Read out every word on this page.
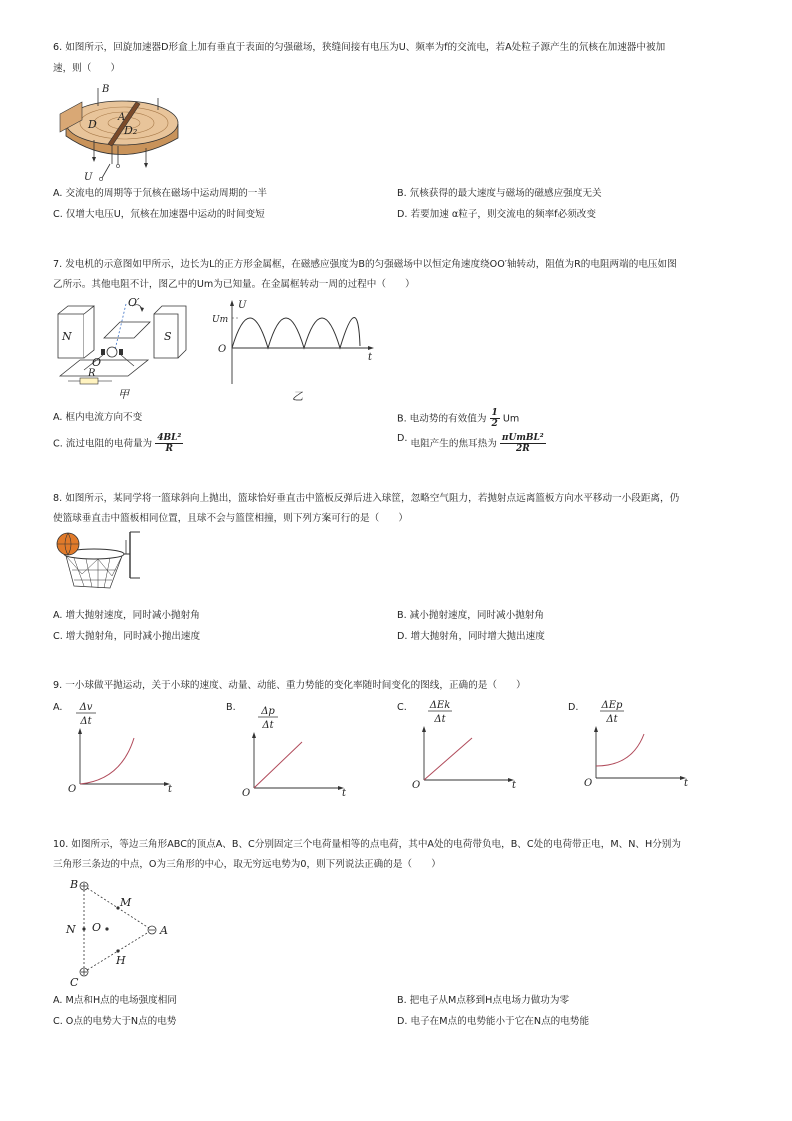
6. 如图所示，回旋加速器D形盒上加有垂直于表面的匀强磁场，狭缝间接有电压为U、频率为f的交流电，若A处粒子源产生的氘核在加速器中被加
速，则（　　）
B
A
D D₂
U
A. 交流电的周期等于氘核在磁场中运动周期的一半	B. 氘核获得的最大速度与磁场的磁感应强度无关
C. 仅增大电压U，氘核在加速器中运动的时间变短	D. 若要加速 α粒子，则交流电的频率f必须改变
7. 发电机的示意图如甲所示，边长为L的正方形金属框，在磁感应强度为B的匀强磁场中以恒定角速度绕OO′轴转动，阻值为R的电阻两端的电压如图
乙所示。其他电阻不计，图乙中的Um为已知量。在金属框转动一周的过程中（　　）
N	S
O′
O
R
甲
U
Um
O
t
乙
A. 框内电流方向不变	B. 电动势的有效值为 $\frac{1}{2}$ Um
C. 流过电阻的电荷量为 $\frac{\text{4BL²}}{R}$	D. 电阻产生的焦耳热为 $\frac{\text{πUmBL²}}{2R}$
8. 如图所示，某同学将一篮球斜向上抛出，篮球恰好垂直击中篮板反弹后进入球筐，忽略空气阻力，若抛射点远离篮板方向水平移动一小段距离，仍
使篮球垂直击中篮板相同位置，且球不会与篮筐相撞，则下列方案可行的是（　　）
A. 增大抛射速度，同时减小抛射角	B. 减小抛射速度，同时减小抛射角
C. 增大抛射角，同时减小抛出速度	D. 增大抛射角，同时增大抛出速度
9. 一小球做平抛运动，关于小球的速度、动量、动能、重力势能的变化率随时间变化的图线，正确的是（　　）
A. Δv
Δt
O	t
B.	Δp
Δt
O	t
C. ΔEk
Δt
O	t
D. ΔEp
Δt
O	t
10. 如图所示，等边三角形ABC的顶点A、B、C分别固定三个电荷量相等的点电荷，其中A处的电荷带负电，B、C处的电荷带正电，M、N、H分别为
三角形三条边的中点，O为三角形的中心，取无穷远电势为0，则下列说法正确的是（　　）
B
C
A
M
N
H
O
A. M点和H点的电场强度相同	B. 把电子从M点移到H点电场力做功为零
C. O点的电势大于N点的电势	D. 电子在M点的电势能小于它在N点的电势能
